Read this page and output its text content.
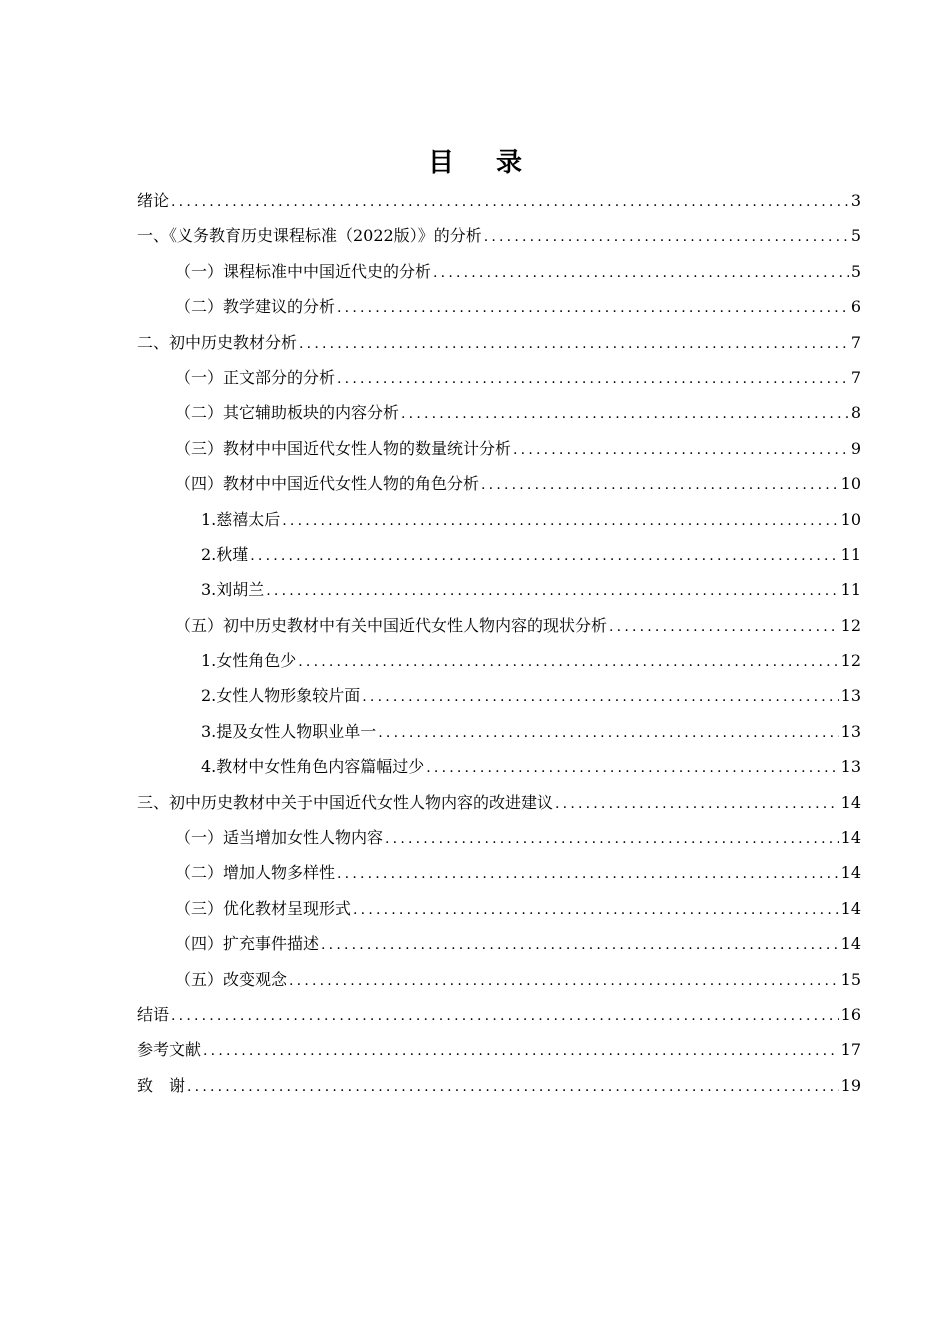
目 录
绪论 .....	3
一、《义务教育历史课程标准（2022版）》的分析 .....	5
（一）课程标准中中国近代史的分析 .....	5
（二）教学建议的分析 .....	6
二、初中历史教材分析 .....	7
（一）正文部分的分析 .....	7
（二）其它辅助板块的内容分析 .....	8
（三）教材中中国近代女性人物的数量统计分析 .....	9
（四）教材中中国近代女性人物的角色分析 .....	10
1.慈禧太后 .....	10
2.秋瑾 .....	11
3.刘胡兰 .....	11
（五）初中历史教材中有关中国近代女性人物内容的现状分析 .....	12
1.女性角色少 .....	12
2.女性人物形象较片面 .....	13
3.提及女性人物职业单一 .....	13
4.教材中女性角色内容篇幅过少 .....	13
三、初中历史教材中关于中国近代女性人物内容的改进建议 .....	14
（一）适当增加女性人物内容 .....	14
（二）增加人物多样性 .....	14
（三）优化教材呈现形式 .....	14
（四）扩充事件描述 .....	14
（五）改变观念 .....	15
结语 .....	16
参考文献 .....	17
致　谢 .....	19
